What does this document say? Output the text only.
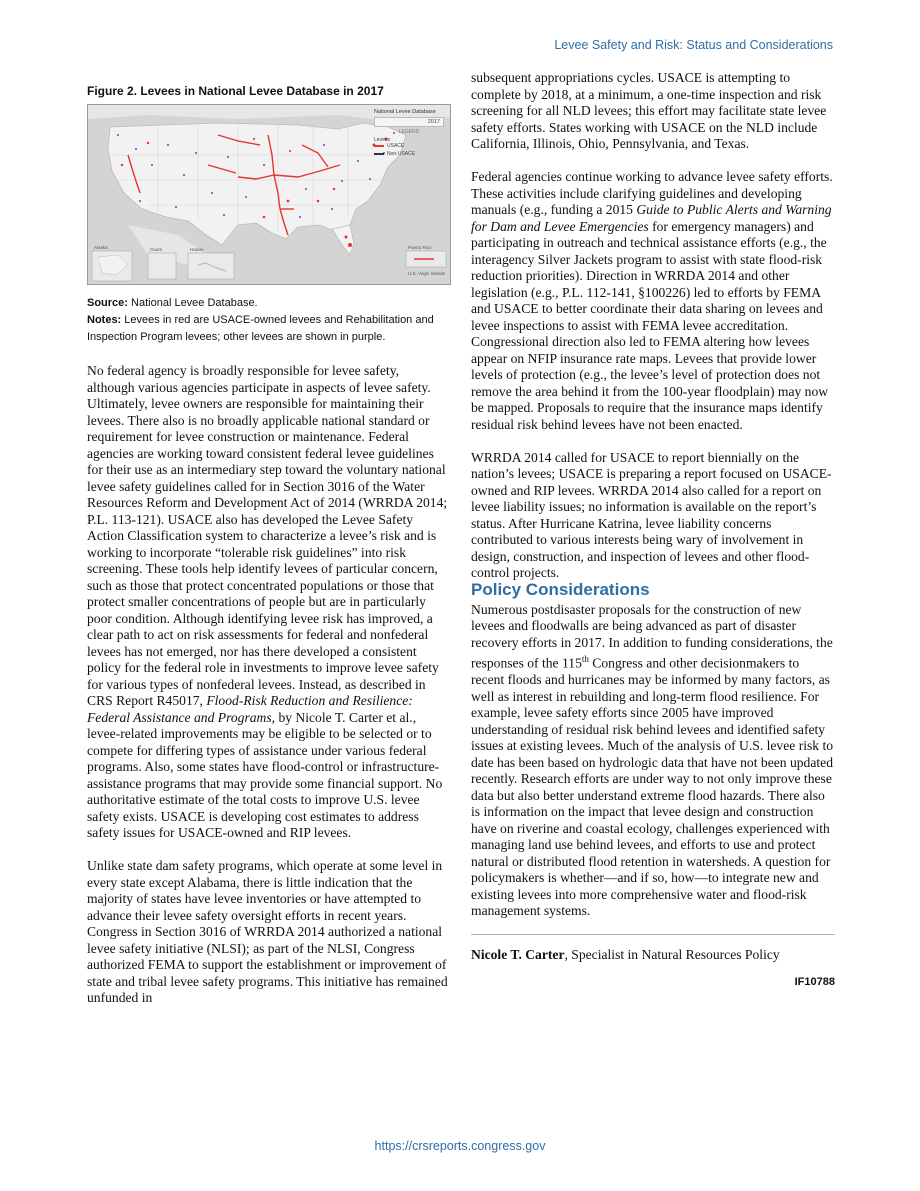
Levee Safety and Risk: Status and Considerations
Figure 2. Levees in National Levee Database in 2017
National Levee Database
2017
LEGEND
Levees
USACE
Non-USACE
Alaska	Guam	Hawaii	Puerto Rico
U.S. Virgin Islands
Source: National Levee Database.
Notes: Levees in red are USACE-owned levees and Rehabilitation and Inspection Program levees; other levees are shown in purple.

No federal agency is broadly responsible for levee safety, although various agencies participate in aspects of levee safety. Ultimately, levee owners are responsible for maintaining their levees. There also is no broadly applicable national standard or requirement for levee construction or maintenance. Federal agencies are working toward consistent federal levee guidelines for their use as an intermediary step toward the voluntary national levee safety guidelines called for in Section 3016 of the Water Resources Reform and Development Act of 2014 (WRRDA 2014; P.L. 113-121). USACE also has developed the Levee Safety Action Classification system to characterize a levee’s risk and is working to incorporate “tolerable risk guidelines” into risk screening. These tools help identify levees of particular concern, such as those that protect concentrated populations or those that protect smaller concentrations of people but are in particularly poor condition. Although identifying levee risk has improved, a clear path to act on risk assessments for federal and nonfederal levees has not emerged, nor has there developed a consistent policy for the federal role in investments to improve levee safety for various types of nonfederal levees. Instead, as described in CRS Report R45017, Flood-Risk Reduction and Resilience: Federal Assistance and Programs, by Nicole T. Carter et al., levee-related improvements may be eligible to be selected or to compete for differing types of assistance under various federal programs. Also, some states have flood-control or infrastructure-assistance programs that may provide some financial support. No authoritative estimate of the total costs to improve U.S. levee safety exists. USACE is developing cost estimates to address safety issues for USACE-owned and RIP levees.

Unlike state dam safety programs, which operate at some level in every state except Alabama, there is little indication that the majority of states have levee inventories or have attempted to advance their levee safety oversight efforts in recent years. Congress in Section 3016 of WRRDA 2014 authorized a national levee safety initiative (NLSI); as part of the NLSI, Congress authorized FEMA to support the establishment or improvement of state and tribal levee safety programs. This initiative has remained unfunded in

subsequent appropriations cycles. USACE is attempting to complete by 2018, at a minimum, a one-time inspection and risk screening for all NLD levees; this effort may facilitate state levee safety efforts. States working with USACE on the NLD include California, Illinois, Ohio, Pennsylvania, and Texas.

Federal agencies continue working to advance levee safety efforts. These activities include clarifying guidelines and developing manuals (e.g., funding a 2015 Guide to Public Alerts and Warning for Dam and Levee Emergencies for emergency managers) and participating in outreach and technical assistance efforts (e.g., the interagency Silver Jackets program to assist with state flood-risk reduction priorities). Direction in WRRDA 2014 and other legislation (e.g., P.L. 112-141, §100226) led to efforts by FEMA and USACE to better coordinate their data sharing on levees and levee inspections to assist with FEMA levee accreditation. Congressional direction also led to FEMA altering how levees appear on NFIP insurance rate maps. Levees that provide lower levels of protection (e.g., the levee’s level of protection does not remove the area behind it from the 100-year floodplain) may now be mapped. Proposals to require that the insurance maps identify residual risk behind levees have not been enacted.

WRRDA 2014 called for USACE to report biennially on the nation’s levees; USACE is preparing a report focused on USACE-owned and RIP levees. WRRDA 2014 also called for a report on levee liability issues; no information is available on the report’s status. After Hurricane Katrina, levee liability concerns contributed to various interests being wary of involvement in design, construction, and inspection of levees and other flood-control projects.

Policy Considerations

Numerous postdisaster proposals for the construction of new levees and floodwalls are being advanced as part of disaster recovery efforts in 2017. In addition to funding considerations, the responses of the 115th Congress and other decisionmakers to recent floods and hurricanes may be informed by many factors, as well as interest in rebuilding and long-term flood resilience. For example, levee safety efforts since 2005 have improved understanding of residual risk behind levees and identified safety issues at existing levees. Much of the analysis of U.S. levee risk to date has been based on hydrologic data that have not been updated recently. Research efforts are under way to not only improve these data but also better understand extreme flood hazards. There also is information on the impact that levee design and construction have on riverine and coastal ecology, challenges experienced with managing land use behind levees, and efforts to use and protect natural or distributed flood retention in watersheds. A question for policymakers is whether—and if so, how—to integrate new and existing levees into more comprehensive water and flood-risk management systems.

Nicole T. Carter, Specialist in Natural Resources Policy
IF10788
https://crsreports.congress.gov
